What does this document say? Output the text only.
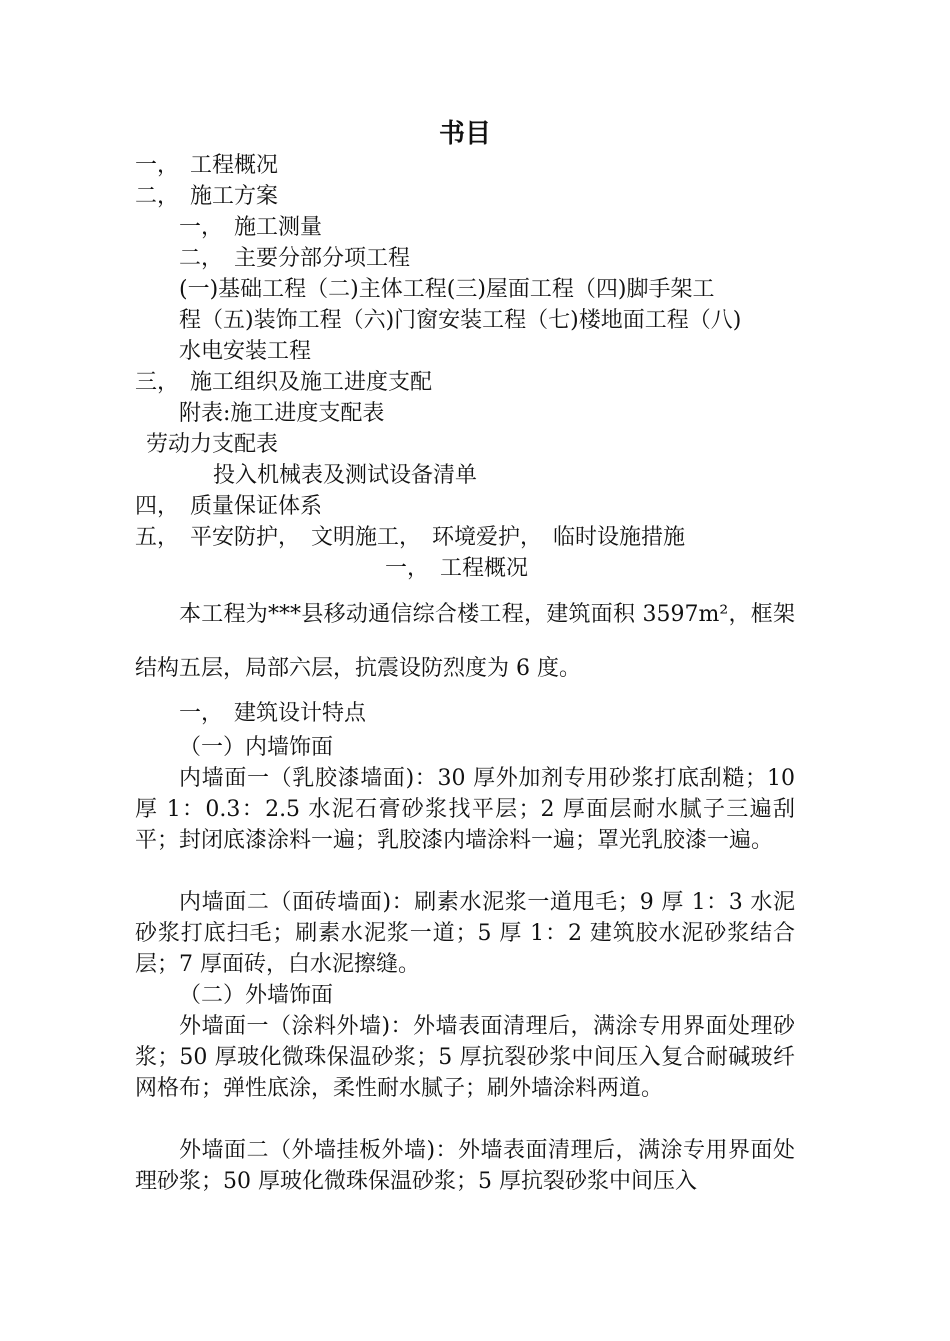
书目
一，　工程概况
二，　施工方案
一，　施工测量
二，　主要分部分项工程
(一)基础工程（二)主体工程(三)屋面工程（四)脚手架工
程（五)装饰工程（六)门窗安装工程（七)楼地面工程（八)
水电安装工程
三，　施工组织及施工进度支配
附表:施工进度支配表
劳动力支配表
投入机械表及测试设备清单
四，　质量保证体系
五，　平安防护，　文明施工，　环境爱护，　临时设施措施
一，　工程概况
本工程为***县移动通信综合楼工程，建筑面积 3597m²，框架结构五层，局部六层，抗震设防烈度为 6 度。
一，　建筑设计特点
（一）内墙饰面
内墙面一（乳胶漆墙面)：30 厚外加剂专用砂浆打底刮糙；10 厚 1：0.3：2.5 水泥石膏砂浆找平层；2 厚面层耐水腻子三遍刮平；封闭底漆涂料一遍；乳胶漆内墙涂料一遍；罩光乳胶漆一遍。
内墙面二（面砖墙面)：刷素水泥浆一道甩毛；9 厚 1：3 水泥砂浆打底扫毛；刷素水泥浆一道；5 厚 1：2 建筑胶水泥砂浆结合层；7 厚面砖，白水泥擦缝。
（二）外墙饰面
外墙面一（涂料外墙)：外墙表面清理后，满涂专用界面处理砂浆；50 厚玻化微珠保温砂浆；5 厚抗裂砂浆中间压入复合耐碱玻纤网格布；弹性底涂，柔性耐水腻子；刷外墙涂料两道。
外墙面二（外墙挂板外墙)：外墙表面清理后，满涂专用界面处理砂浆；50 厚玻化微珠保温砂浆；5 厚抗裂砂浆中间压入
